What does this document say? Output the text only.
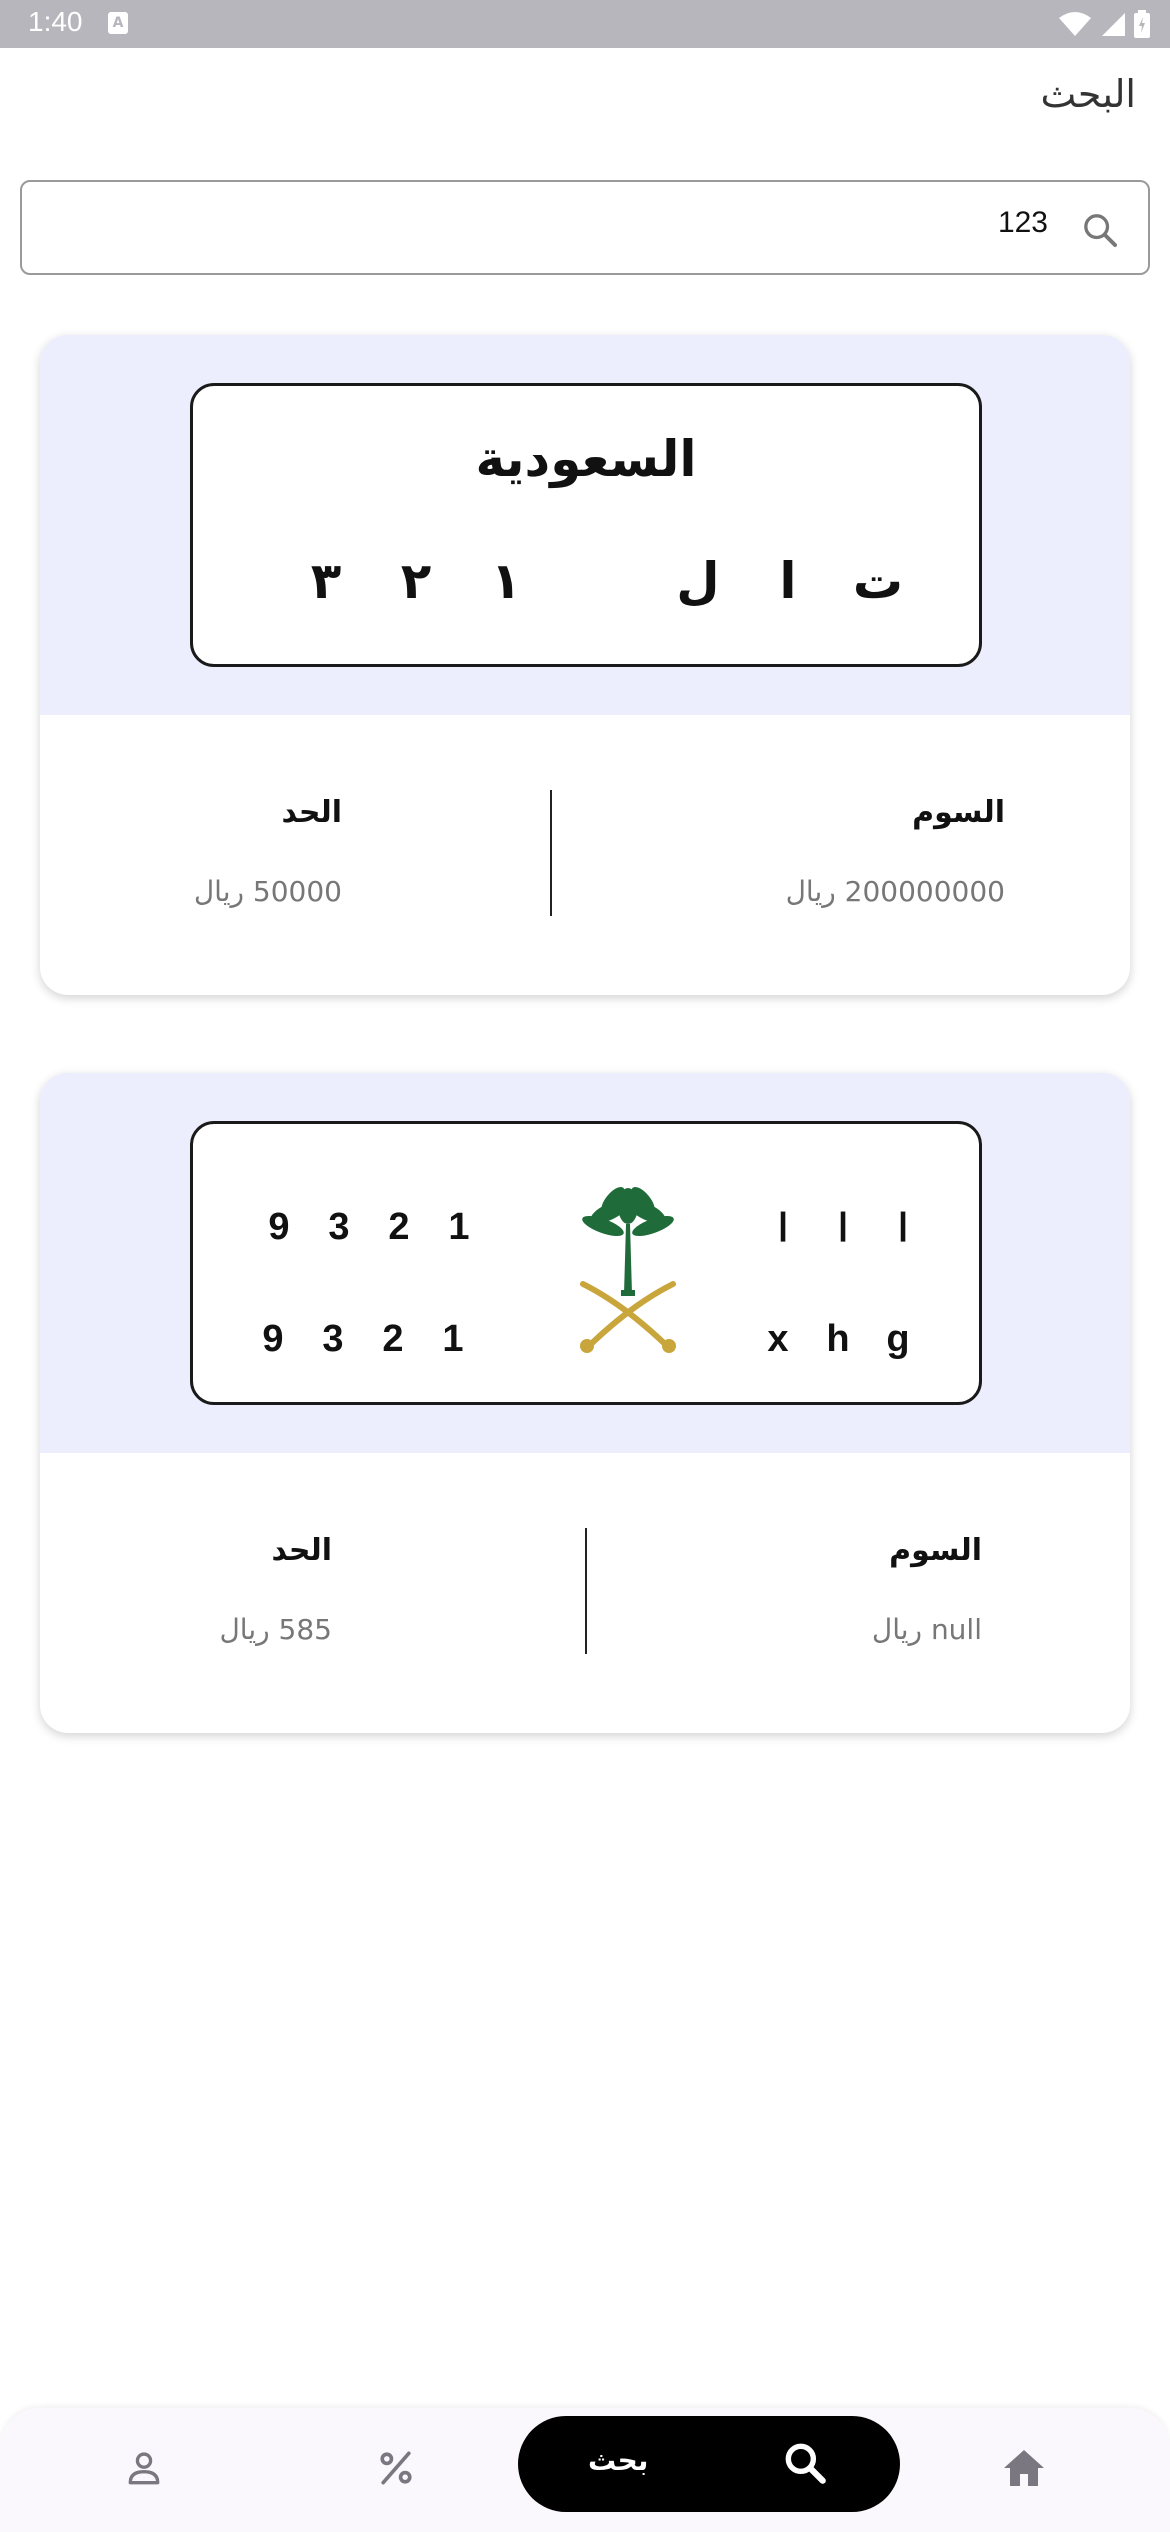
1:40	A
البحث
123
السعودية
٣	٢	١	ل	ا	ت
السوم
200000000 ريال
الحد
50000 ريال
9	3	2	1
9	3	2	1
ا	ا	ا
x h g
السوم
null ريال
الحد
585 ريال
بحث
